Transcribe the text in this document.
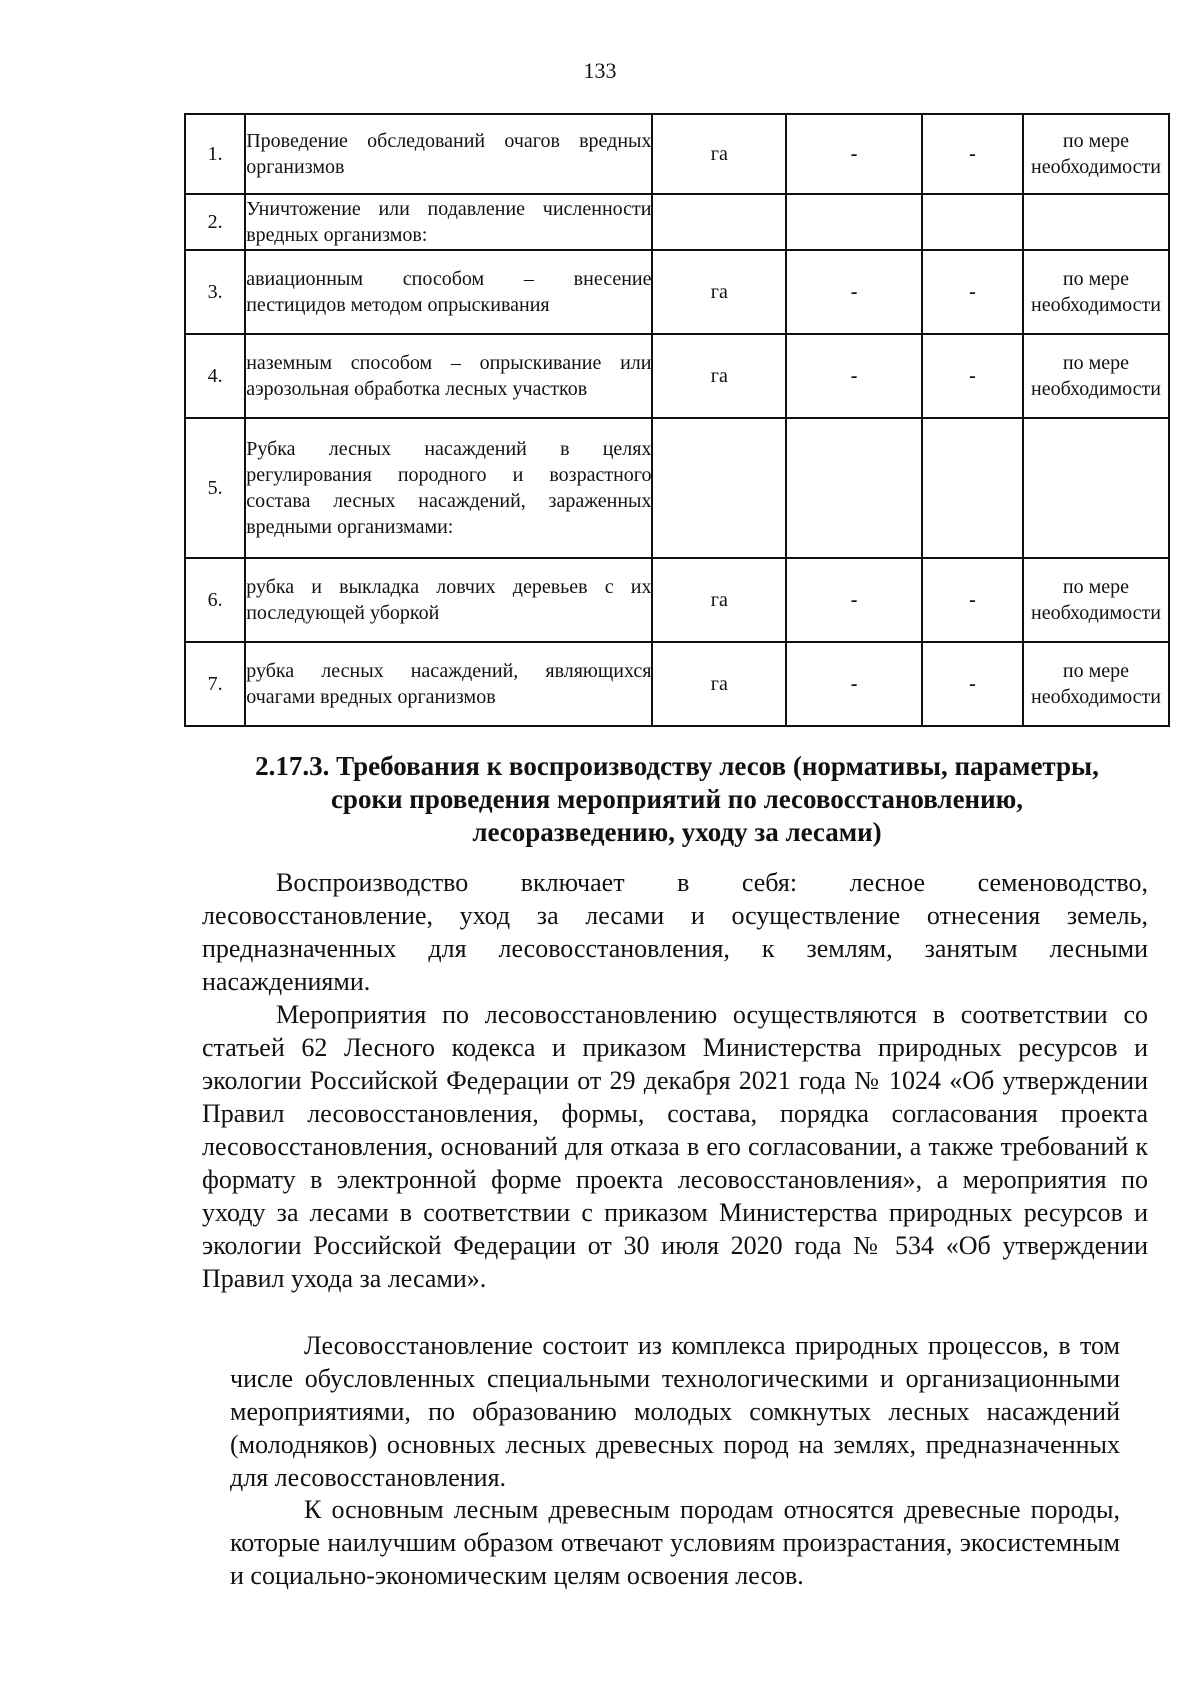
133
1.	Проведение обследований очагов вредных организмов	га	-	-	по мере необходимости
2.	Уничтожение или подавление численности вредных организмов:				
3.	авиационным способом – внесение пестицидов методом опрыскивания	га	-	-	по мере необходимости
4.	наземным способом – опрыскивание или аэрозольная обработка лесных участков	га	-	-	по мере необходимости
5.	Рубка лесных насаждений в целях регулирования породного и возрастного состава лесных насаждений, зараженных вредными организмами:				
6.	рубка и выкладка ловчих деревьев с их последующей уборкой	га	-	-	по мере необходимости
7.	рубка лесных насаждений, являющихся очагами вредных организмов	га	-	-	по мере необходимости
2.17.3. Требования к воспроизводству лесов (нормативы, параметры,
сроки проведения мероприятий по лесовосстановлению,
лесоразведению, уходу за лесами)

Воспроизводство включает в себя: лесное семеноводство, лесовосстановление, уход за лесами и осуществление отнесения земель, предназначенных для лесовосстановления, к землям, занятым лесными насаждениями.

Мероприятия по лесовосстановлению осуществляются в соответствии со статьей 62 Лесного кодекса и приказом Министерства природных ресурсов и экологии Российской Федерации от 29 декабря 2021 года № 1024 «Об утверждении Правил лесовосстановления, формы, состава, порядка согласования проекта лесовосстановления, оснований для отказа в его согласовании, а также требований к формату в электронной форме проекта лесовосстановления», а мероприятия по уходу за лесами в соответствии с приказом Министерства природных ресурсов и экологии Российской Федерации от 30 июля 2020 года № 534 «Об утверждении Правил ухода за лесами».

Лесовосстановление состоит из комплекса природных процессов, в том числе обусловленных специальными технологическими и организационными мероприятиями, по образованию молодых сомкнутых лесных насаждений (молодняков) основных лесных древесных пород на землях, предназначенных для лесовосстановления.

К основным лесным древесным породам относятся древесные породы, которые наилучшим образом отвечают условиям произрастания, экосистемным и социально-экономическим целям освоения лесов.
